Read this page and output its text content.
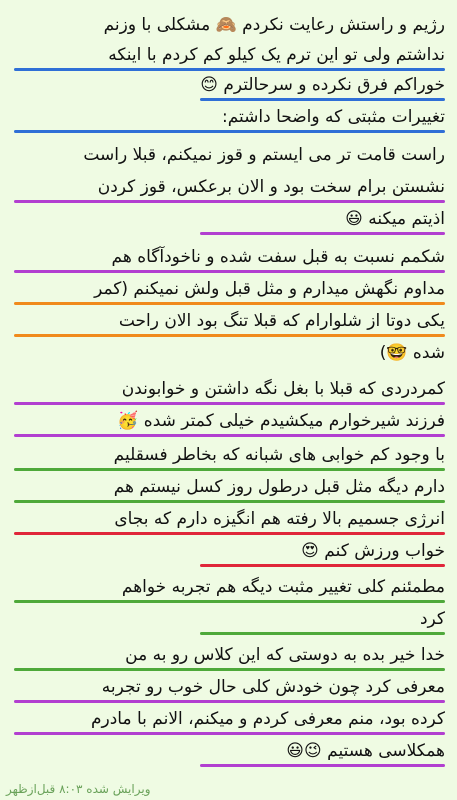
رژیم و راستش رعایت نکردم 🙈 مشکلی با وزنم
نداشتم ولی تو این ترم یک کیلو کم کردم با اینکه
خوراکم فرق نکرده و سرحالترم 😊
تغییرات مثبتی که واضحا داشتم:
راست قامت تر می ایستم و قوز نمیکنم، قبلا راست
نشستن برام سخت بود و الان برعکس، قوز کردن
اذیتم میکنه 😃
شکمم نسبت به قبل سفت شده و ناخودآگاه هم
مداوم نگهش میدارم و مثل قبل ولش نمیکنم (کمر
یکی دوتا از شلوارام که قبلا تنگ بود الان راحت
شده 🤓)
کمردردی که قبلا با بغل نگه داشتن و خوابوندن
فرزند شیرخوارم میکشیدم خیلی کمتر شده 🥳
با وجود کم خوابی های شبانه که بخاطر فسقلیم
دارم دیگه مثل قبل درطول روز کسل نیستم هم
انرژی جسمیم بالا رفته هم انگیزه دارم که بجای
خواب ورزش کنم 😍
مطمئنم کلی تغییر مثبت دیگه هم تجربه خواهم
کرد
خدا خیر بده به دوستی که این کلاس رو به من
معرفی کرد چون خودش کلی حال خوب رو تجربه
کرده بود، منم معرفی کردم و میکنم، الانم با مادرم
همکلاسی هستیم 😉😃
ویرایش شده ۸:۰۳ قبل‌ازظهر
